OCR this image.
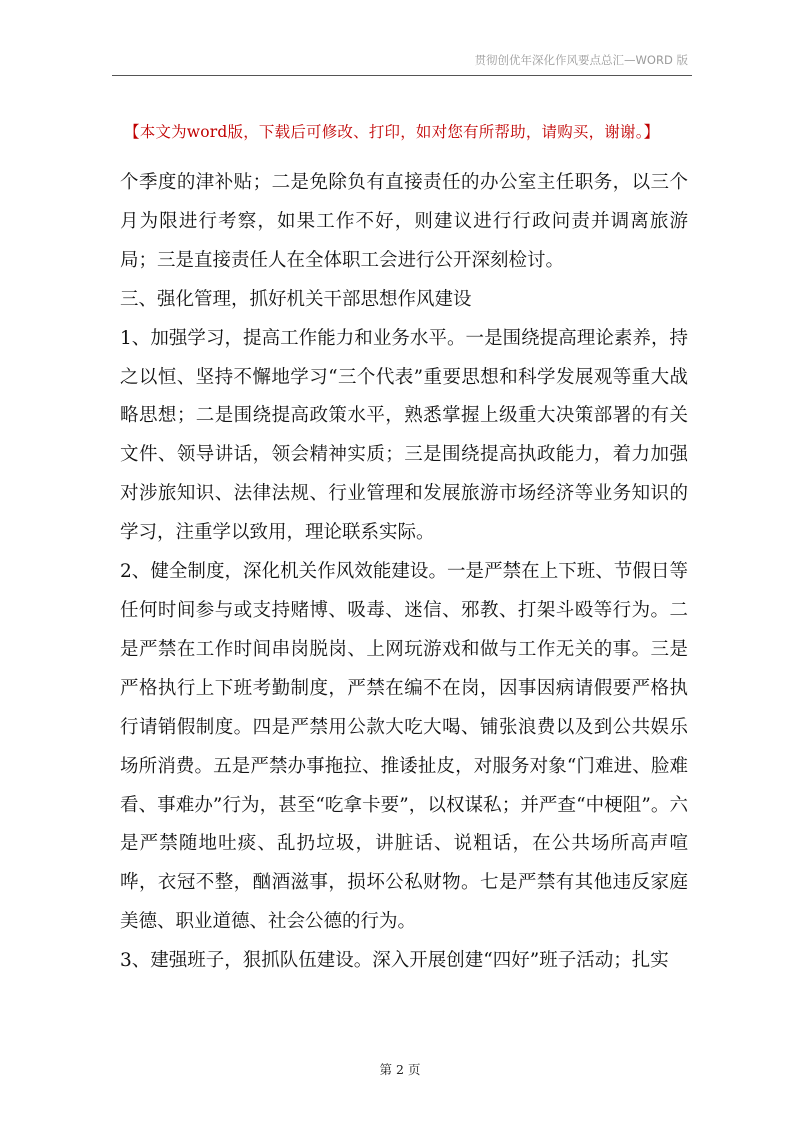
贯彻创优年深化作风要点总汇—WORD 版
【本文为word版，下载后可修改、打印，如对您有所帮助，请购买，谢谢。】

个季度的津补贴；二是免除负有直接责任的办公室主任职务，以三个月为限进行考察，如果工作不好，则建议进行行政问责并调离旅游局；三是直接责任人在全体职工会进行公开深刻检讨。

三、强化管理，抓好机关干部思想作风建设

1、加强学习，提高工作能力和业务水平。一是围绕提高理论素养，持之以恒、坚持不懈地学习“三个代表”重要思想和科学发展观等重大战略思想；二是围绕提高政策水平，熟悉掌握上级重大决策部署的有关文件、领导讲话，领会精神实质；三是围绕提高执政能力，着力加强对涉旅知识、法律法规、行业管理和发展旅游市场经济等业务知识的学习，注重学以致用，理论联系实际。

2、健全制度，深化机关作风效能建设。一是严禁在上下班、节假日等任何时间参与或支持赌博、吸毒、迷信、邪教、打架斗殴等行为。二是严禁在工作时间串岗脱岗、上网玩游戏和做与工作无关的事。三是严格执行上下班考勤制度，严禁在编不在岗，因事因病请假要严格执行请销假制度。四是严禁用公款大吃大喝、铺张浪费以及到公共娱乐场所消费。五是严禁办事拖拉、推诿扯皮，对服务对象“门难进、脸难看、事难办”行为，甚至“吃拿卡要”，以权谋私；并严查“中梗阻”。六是严禁随地吐痰、乱扔垃圾，讲脏话、说粗话，在公共场所高声喧哗，衣冠不整，酗酒滋事，损坏公私财物。七是严禁有其他违反家庭美德、职业道德、社会公德的行为。

3、建强班子，狠抓队伍建设。深入开展创建“四好”班子活动；扎实

第 2 页
